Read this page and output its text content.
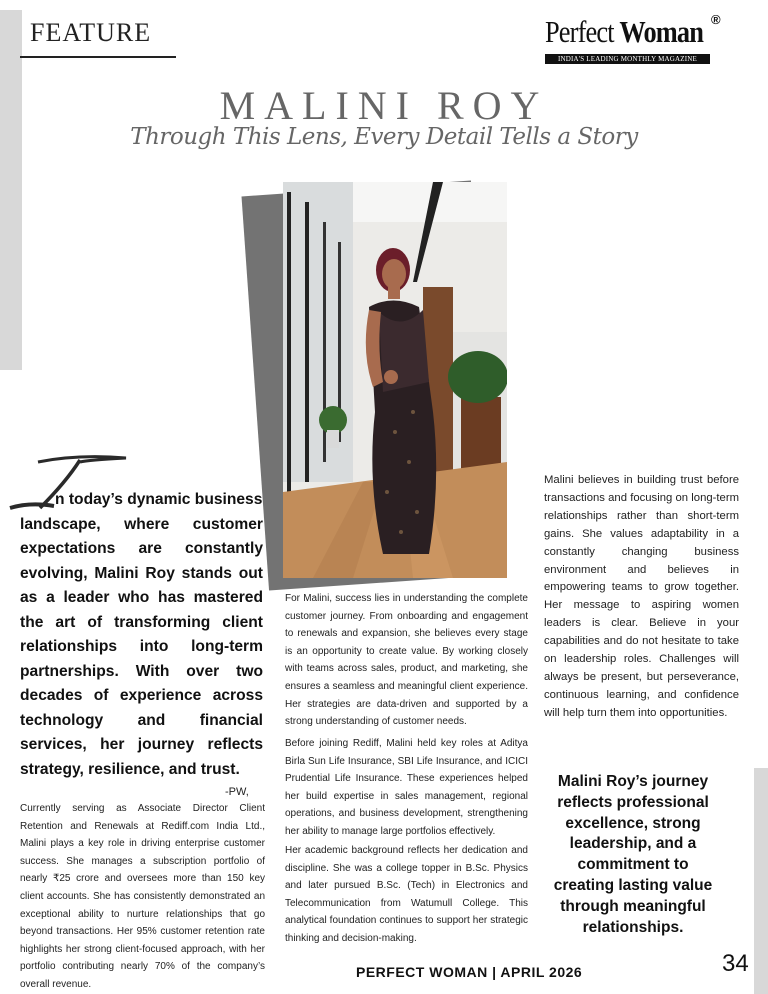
FEATURE	Perfect Woman ®
INDIA'S LEADING MONTHLY MAGAZINE
MALINI ROY
Through This Lens, Every Detail Tells a Story
n today’s dynamic business
landscape, where customer expectations are constantly evolving, Malini Roy stands out as a leader who has mastered the art of transforming client relationships into long-term partnerships. With over two decades of experience across technology and financial services, her journey reflects strategy, resilience, and trust.
-PW,
Currently serving as Associate Director Client Retention and Renewals at Rediff.com India Ltd., Malini plays a key role in driving enterprise customer success. She manages a subscription portfolio of nearly ₹25 crore and oversees more than 150 key client accounts. She has consistently demonstrated an exceptional ability to nurture relationships that go beyond transactions. Her 95% customer retention rate highlights her strong client-focused approach, with her portfolio contributing nearly 70% of the company’s overall revenue.
For Malini, success lies in understanding the complete customer journey. From onboarding and engagement to renewals and expansion, she believes every stage is an opportunity to create value. By working closely with teams across sales, product, and marketing, she ensures a seamless and meaningful client experience. Her strategies are data-driven and supported by a strong understanding of customer needs.
Before joining Rediff, Malini held key roles at Aditya Birla Sun Life Insurance, SBI Life Insurance, and ICICI Prudential Life Insurance. These experiences helped her build expertise in sales management, regional operations, and business development, strengthening her ability to manage large portfolios effectively.
Her academic background reflects her dedication and discipline. She was a college topper in B.Sc. Physics and later pursued B.Sc. (Tech) in Electronics and Telecommunication from Watumull College. This analytical foundation continues to support her strategic thinking and decision-making.
Malini believes in building trust before transactions and focusing on long-term relationships rather than short-term gains. She values adaptability in a constantly changing business environment and believes in empowering teams to grow together. Her message to aspiring women leaders is clear. Believe in your capabilities and do not hesitate to take on leadership roles. Challenges will always be present, but perseverance, continuous learning, and confidence will help turn them into opportunities.
Malini Roy’s journey reflects professional excellence, strong leadership, and a commitment to creating lasting value through meaningful relationships.
PERFECT WOMAN | APRIL 2026	34
